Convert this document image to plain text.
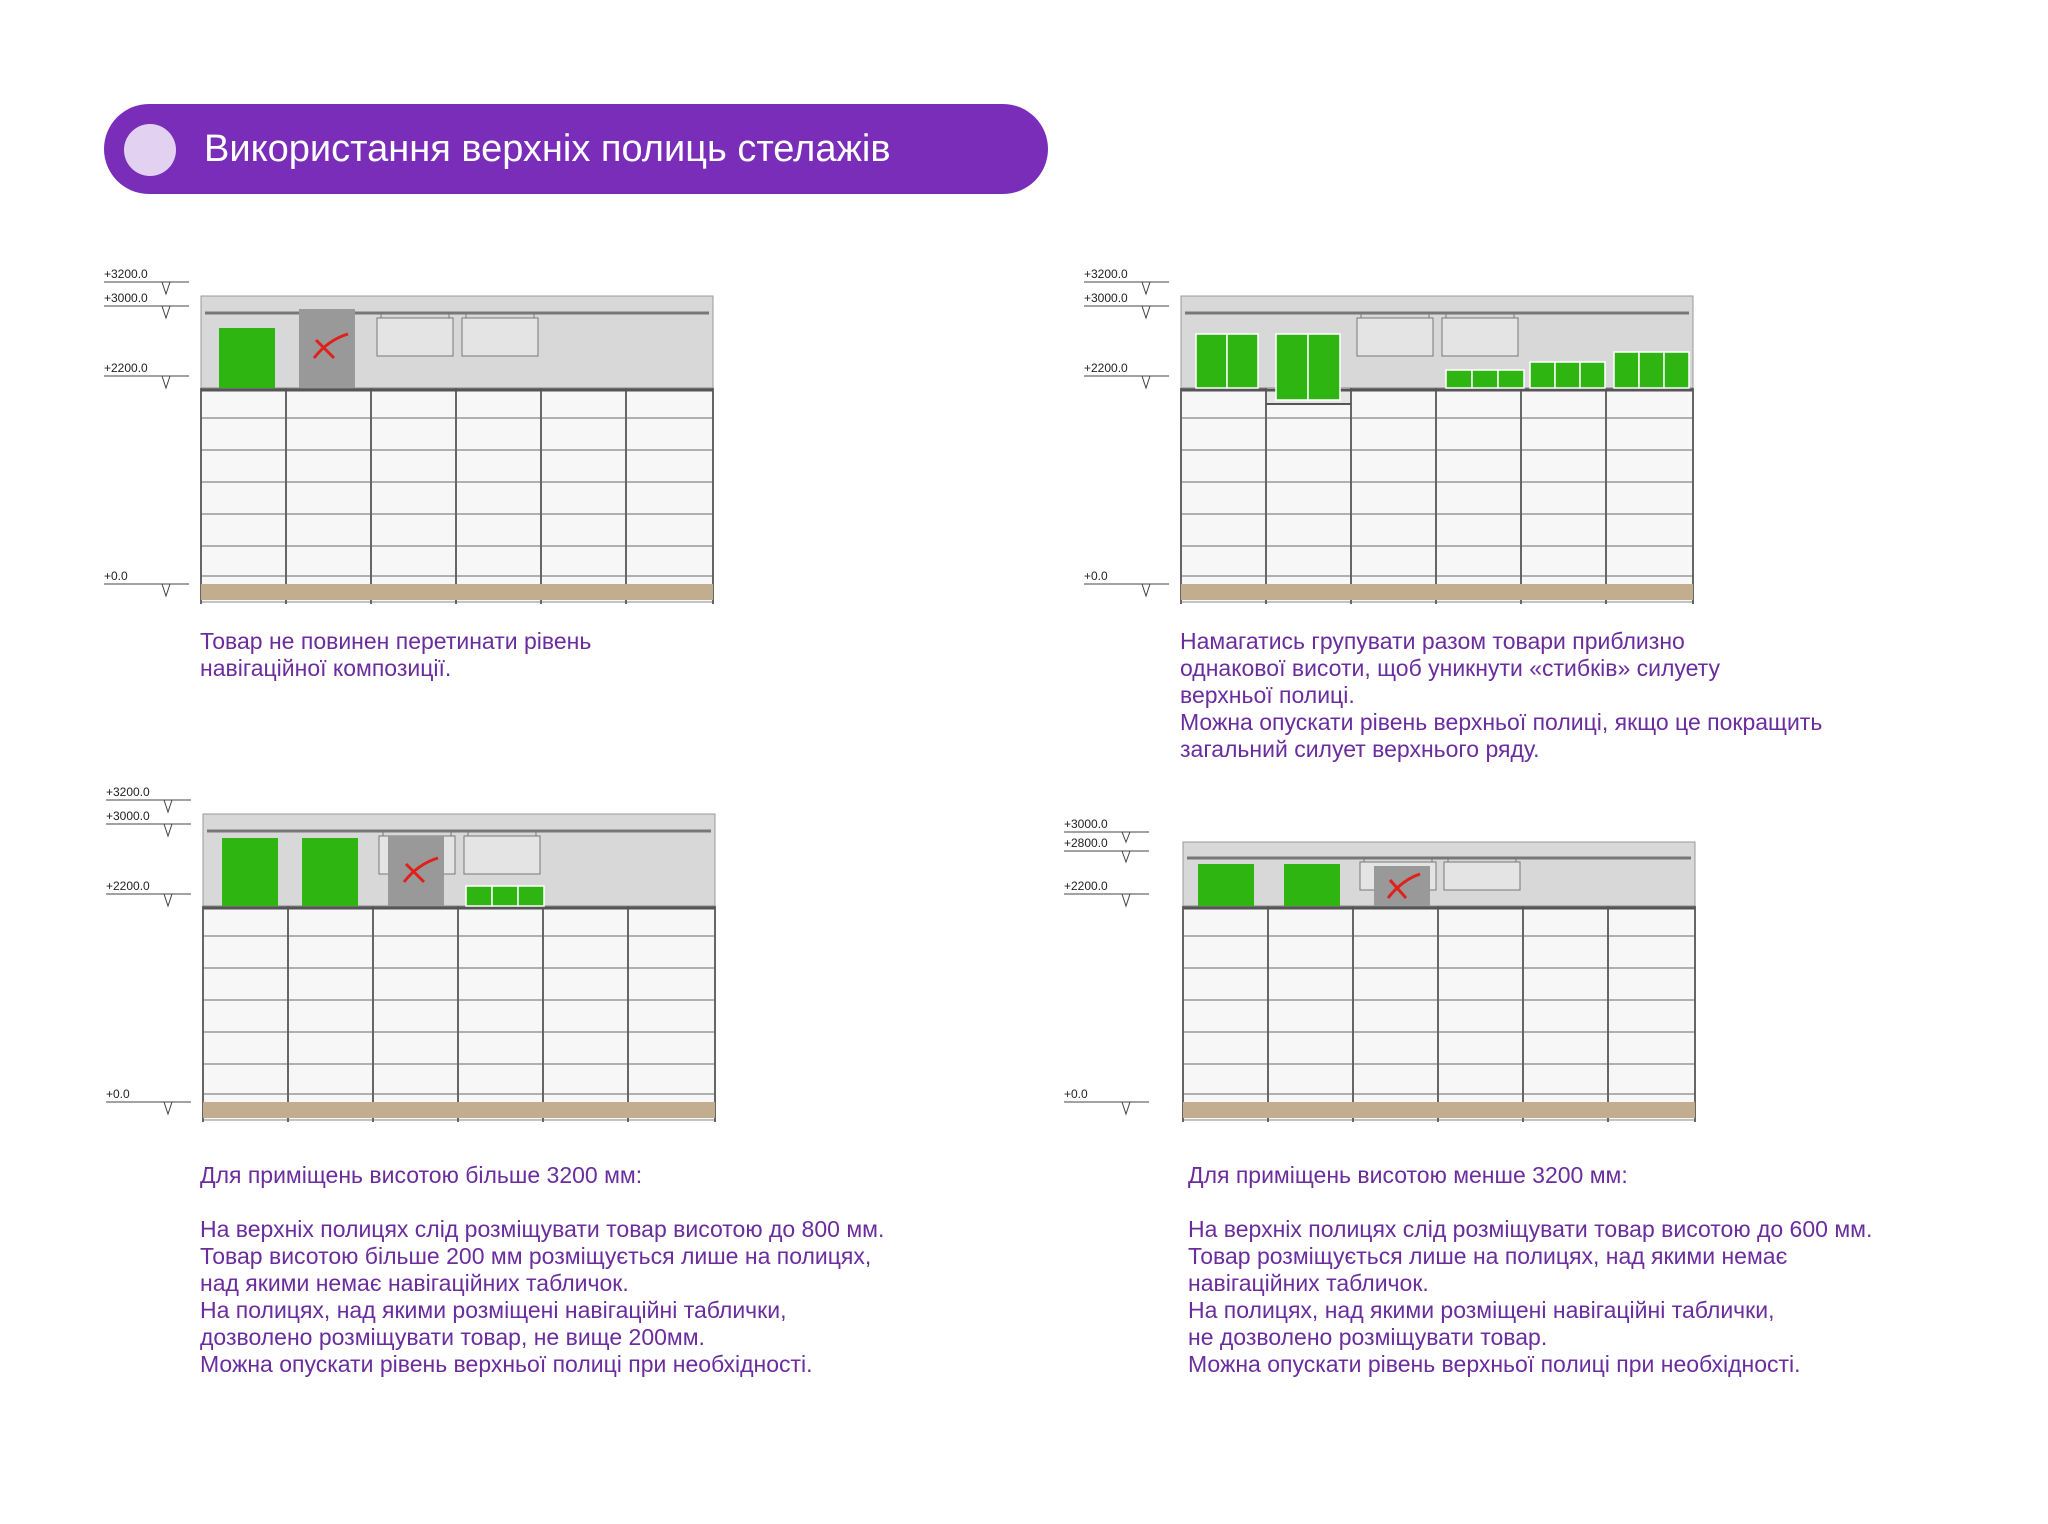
Використання верхніх полиць стелажів
+3200.0
+3000.0
+2200.0
+0.0

Товар не повинен перетинати рівень

навігаційної композиції.

+3200.0
+3000.0
+2200.0
+0.0

Намагатись групувати разом товари приблизно

однакової висоти, щоб уникнути «стибків» силуету

верхньої полиці.

Можна опускати рівень верхньої полиці, якщо це покращить

загальний силует верхнього ряду.

+3200.0
+3000.0
+2200.0
+0.0

Для приміщень висотою більше 3200 мм:

На верхніх полицях слід розміщувати товар висотою до 800 мм.

Товар висотою більше 200 мм розміщується лише на полицях,

над якими немає навігаційних табличок.

На полицях, над якими розміщені навігаційні таблички,

дозволено розміщувати товар, не вище 200мм.

Можна опускати рівень верхньої полиці при необхідності.

+3000.0
+2800.0
+2200.0
+0.0

Для приміщень висотою менше 3200 мм:

На верхніх полицях слід розміщувати товар висотою до 600 мм.

Товар розміщується лише на полицях, над якими немає

навігаційних табличок.

На полицях, над якими розміщені навігаційні таблички,

не дозволено розміщувати товар.

Можна опускати рівень верхньої полиці при необхідності.
